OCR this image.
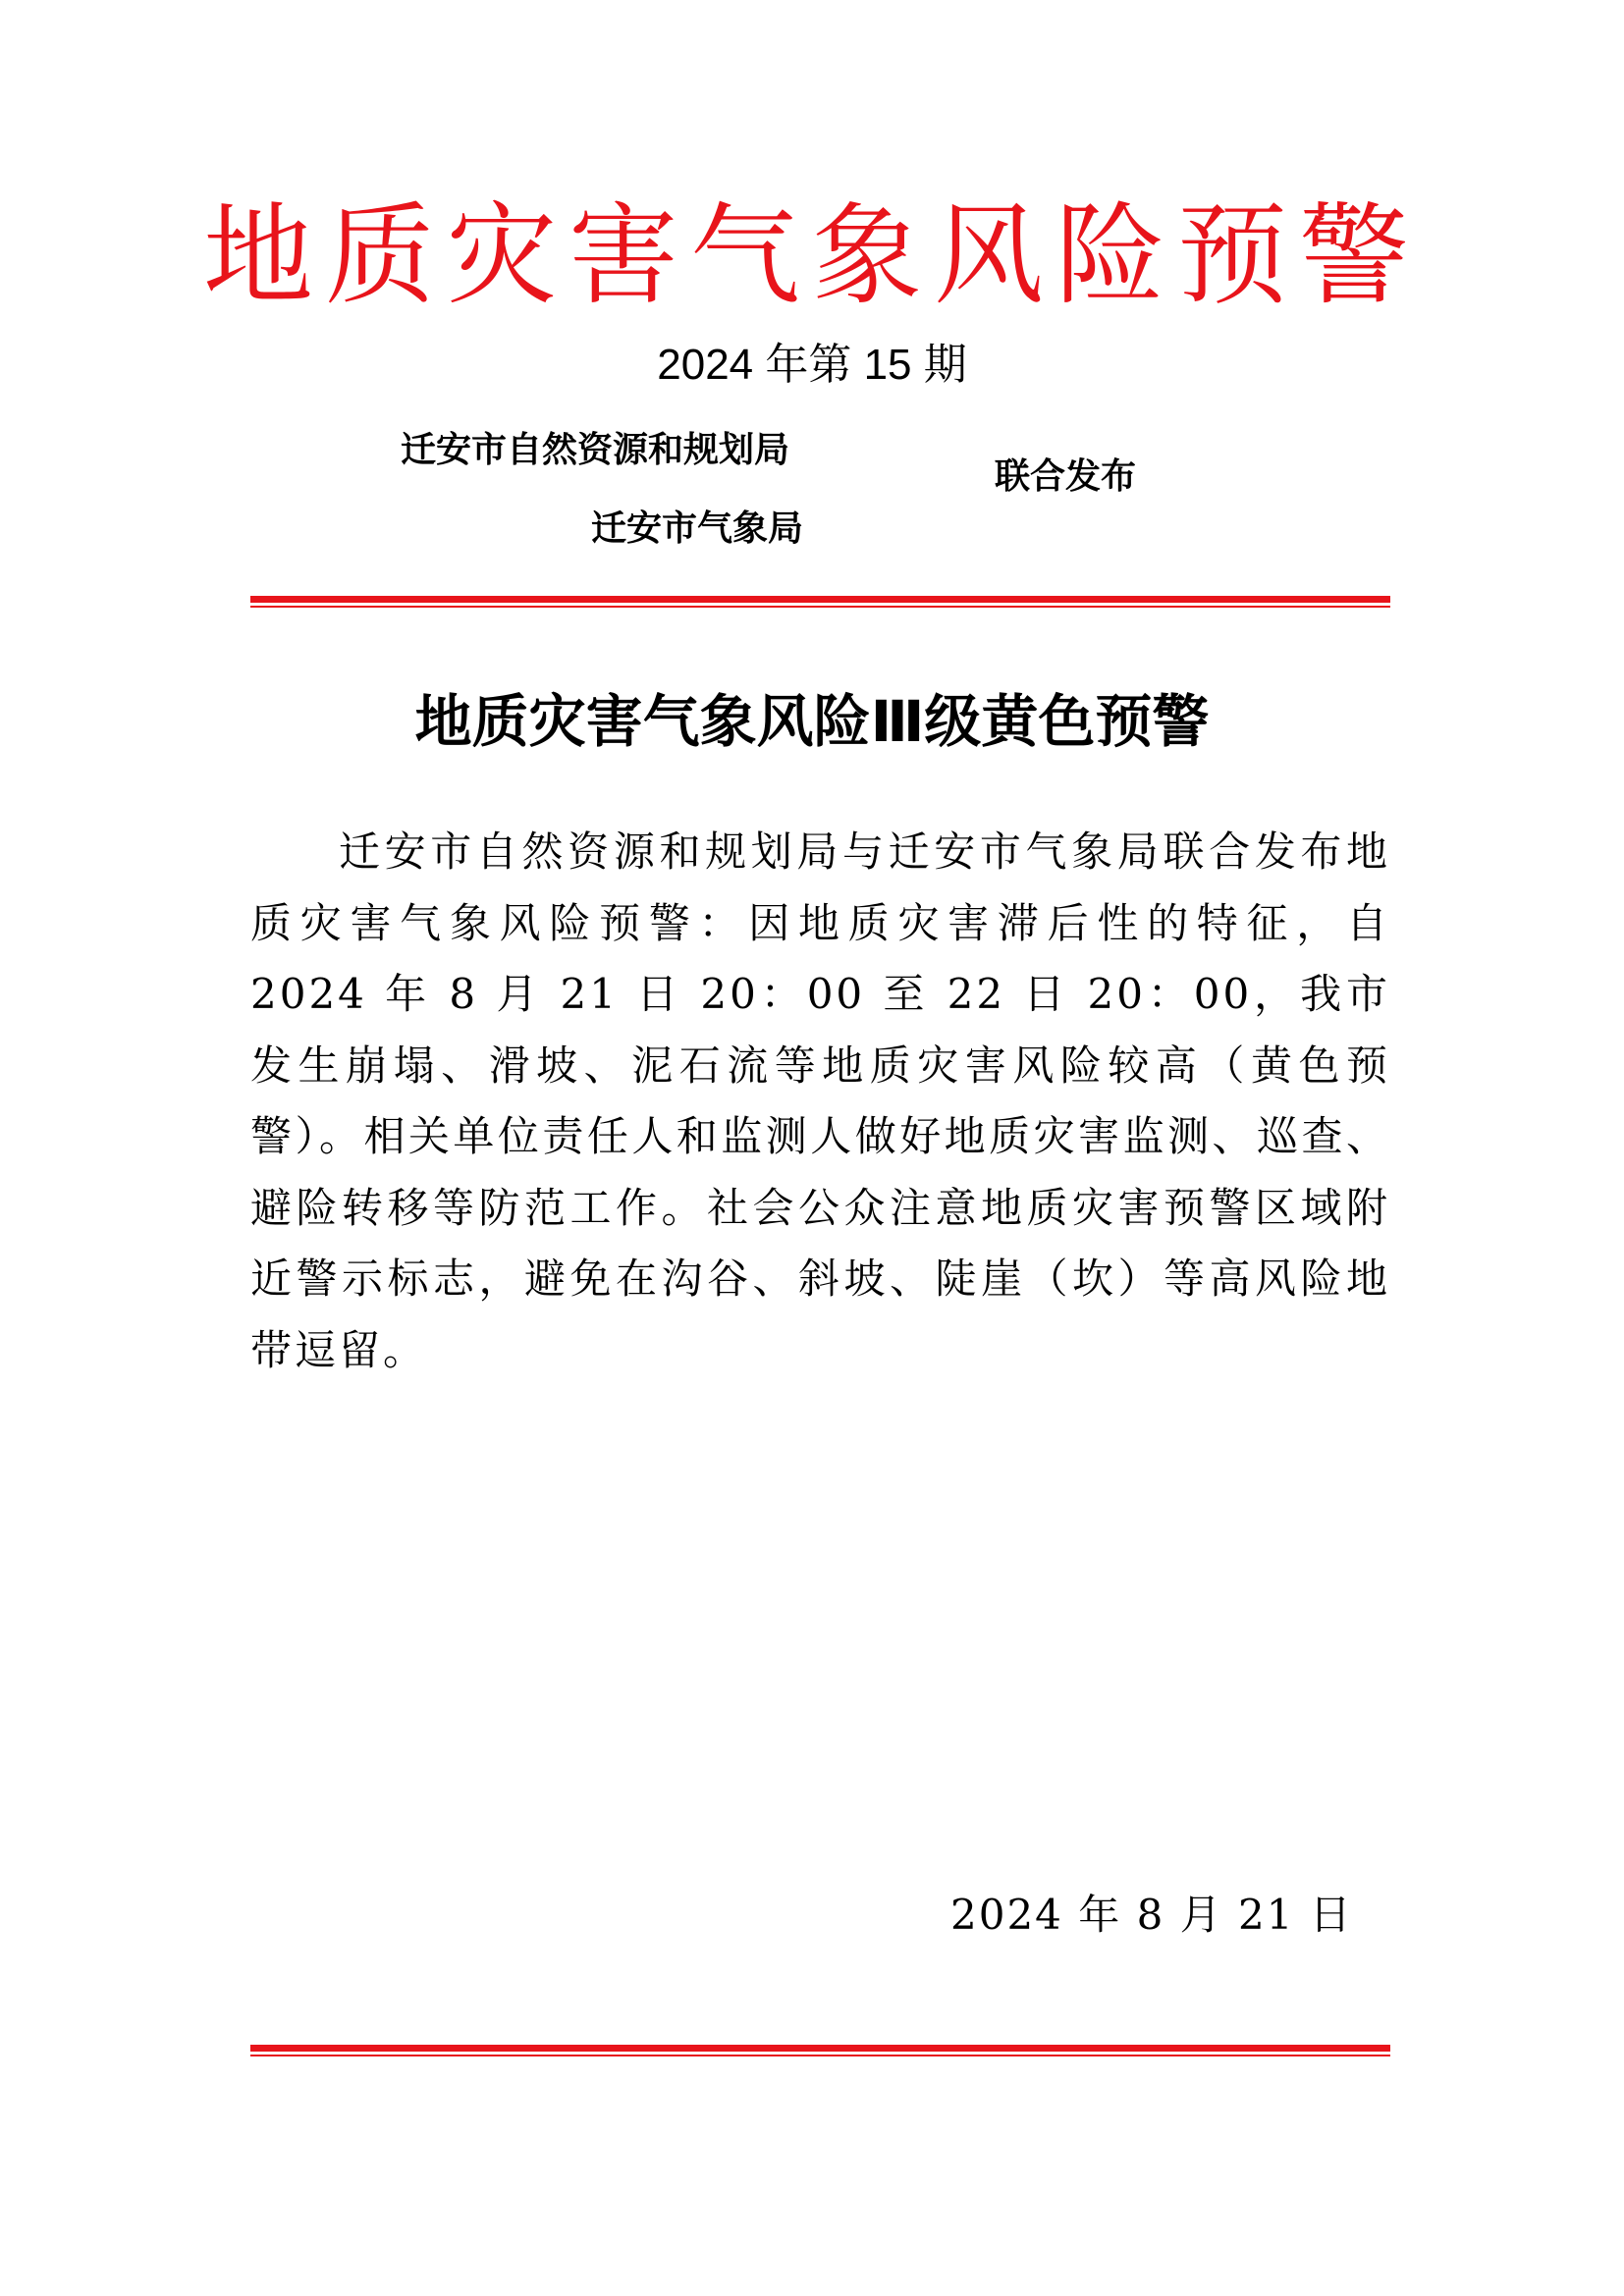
地质灾害气象风险预警
2024 年第 15 期
迁安市自然资源和规划局
迁安市气象局
联合发布
地质灾害气象风险Ⅲ级黄色预警

迁安市自然资源和规划局与迁安市气象局联合发布地质灾害气象风险预警：因地质灾害滞后性的特征，自 2024 年 8 月 21 日 20：00 至 22 日 20：00，我市发生崩塌、滑坡、泥石流等地质灾害风险较高（黄色预警）。相关单位责任人和监测人做好地质灾害监测、巡查、避险转移等防范工作。社会公众注意地质灾害预警区域附近警示标志，避免在沟谷、斜坡、陡崖（坎）等高风险地带逗留。

2024 年 8 月 21 日
